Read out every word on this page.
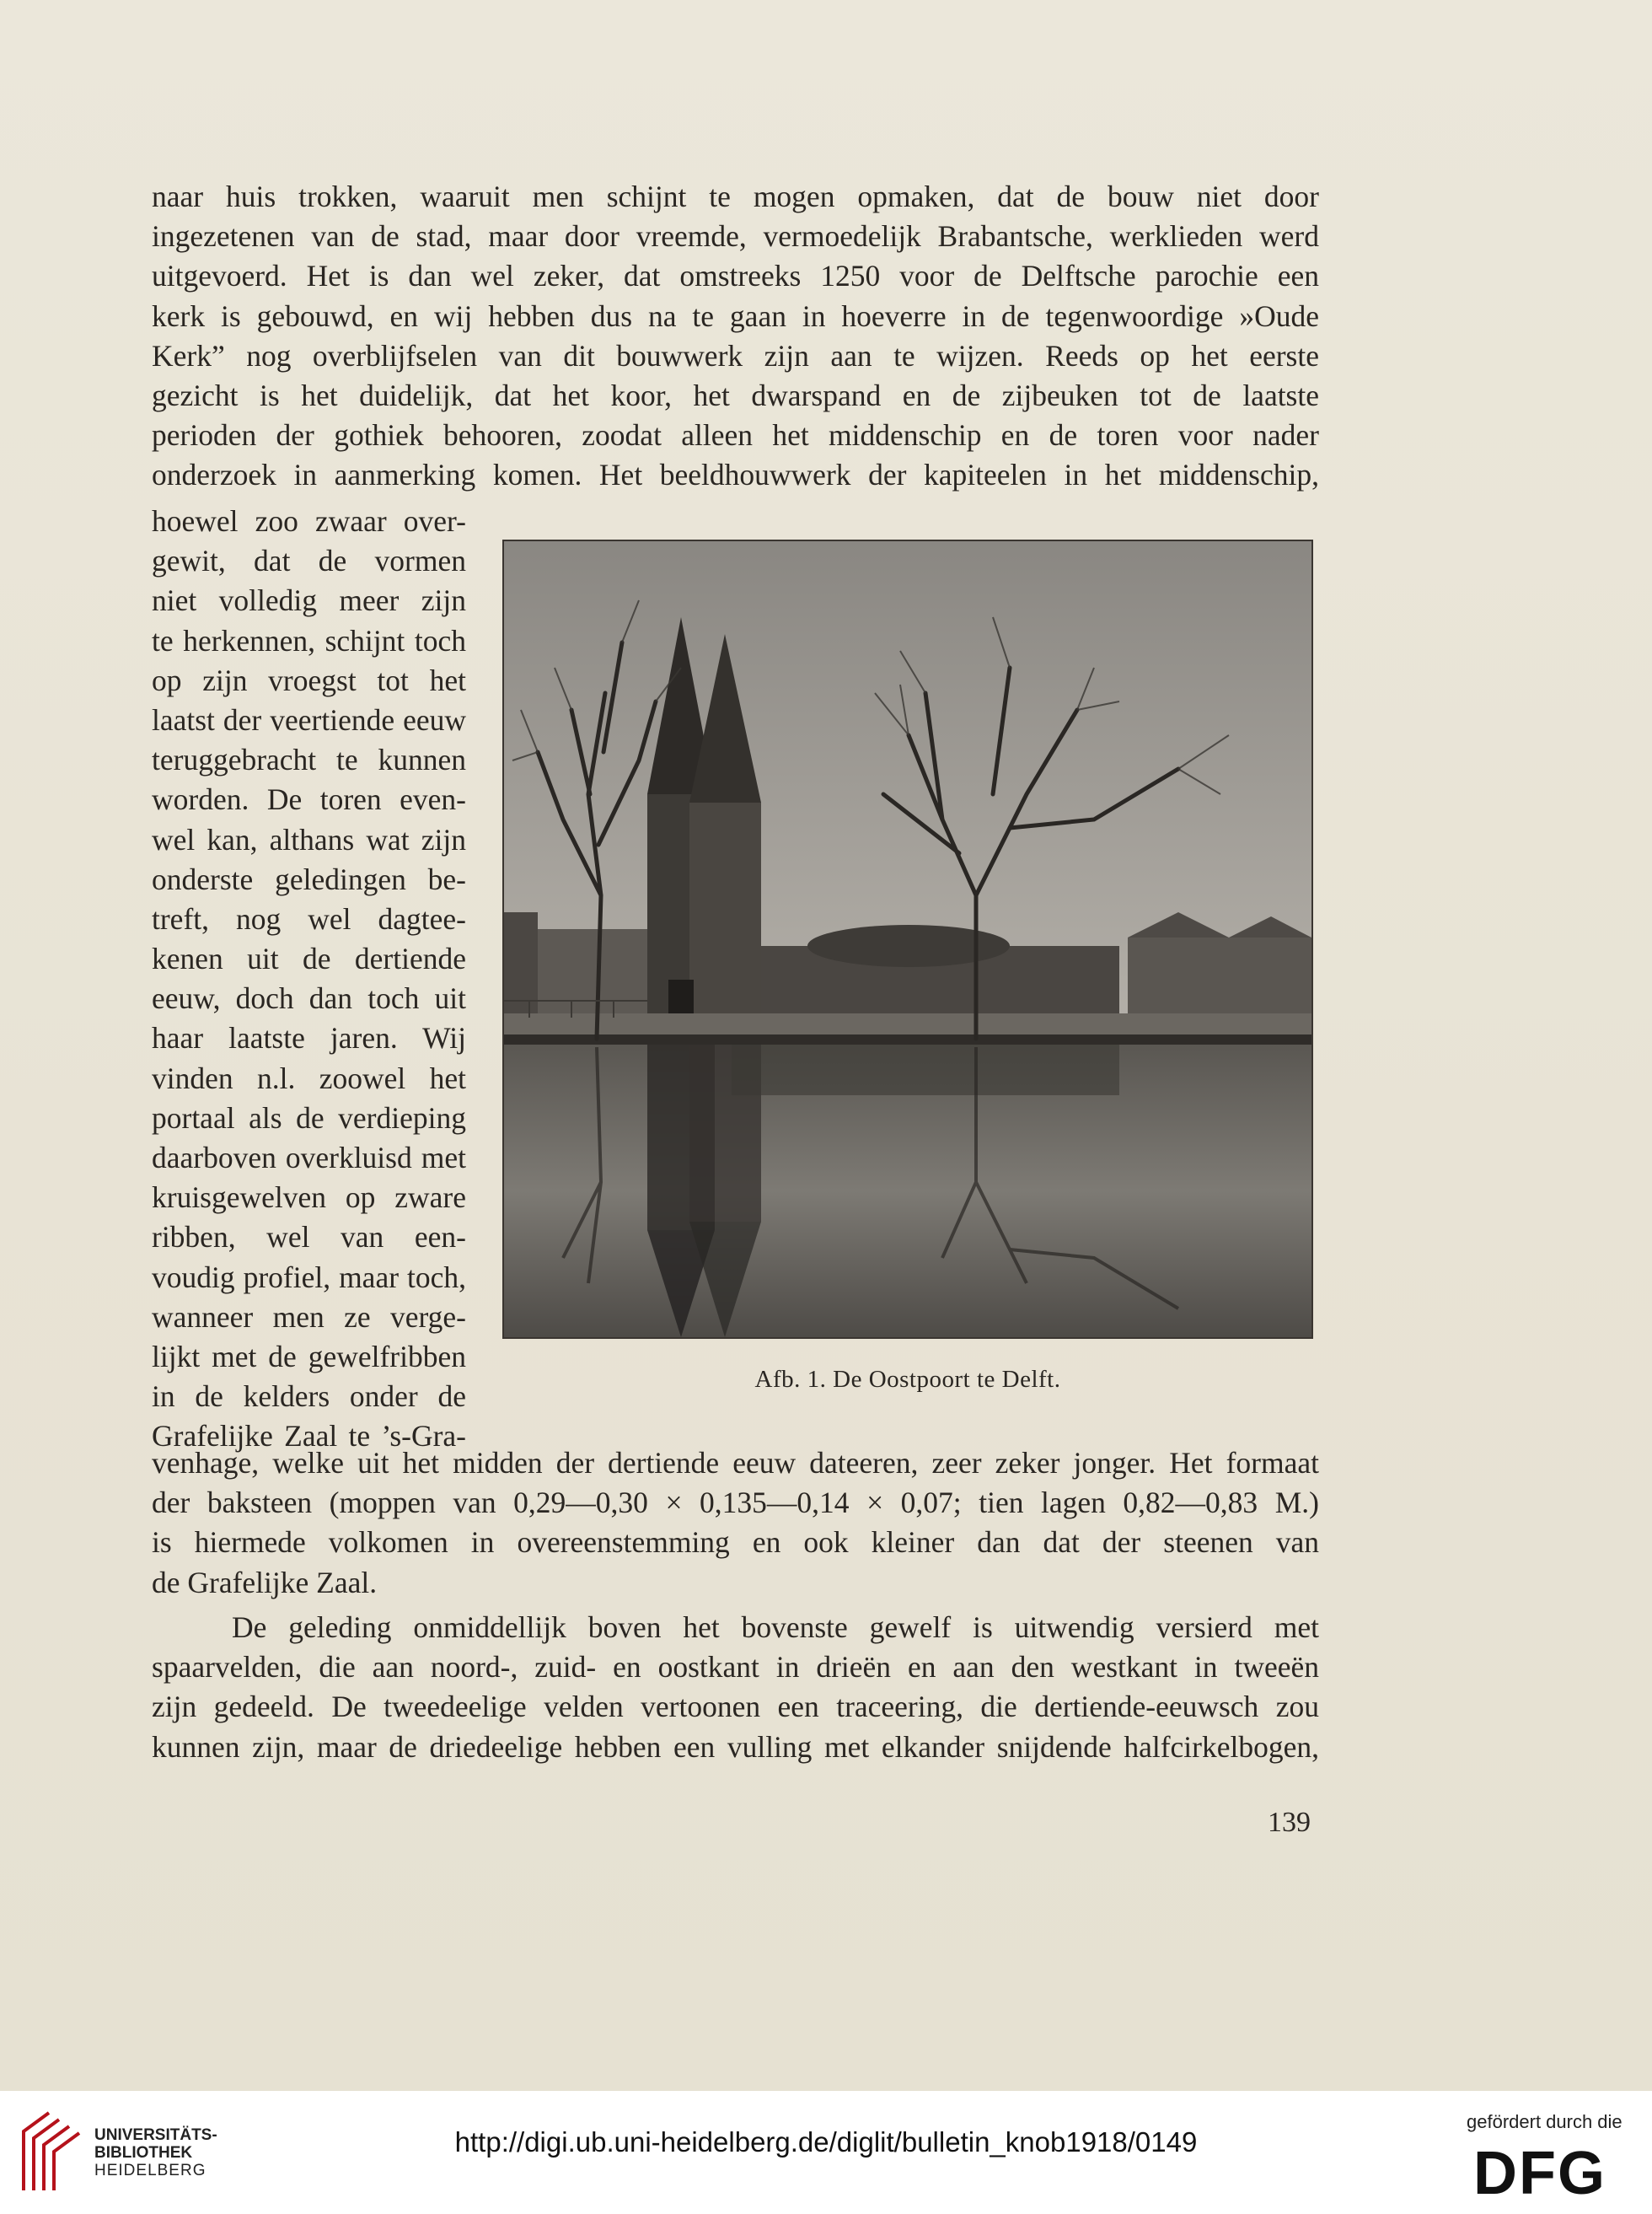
naar huis trokken, waaruit men schijnt te mogen opmaken, dat de bouw niet door
ingezetenen van de stad, maar door vreemde, vermoedelijk Brabantsche, werklieden werd
uitgevoerd. Het is dan wel zeker, dat omstreeks 1250 voor de Delftsche parochie een
kerk is gebouwd, en wij hebben dus na te gaan in hoeverre in de tegenwoordige »Oude
Kerk” nog overblijfselen van dit bouwwerk zijn aan te wijzen. Reeds op het eerste
gezicht is het duidelijk, dat het koor, het dwarspand en de zijbeuken tot de laatste
perioden der gothiek behooren, zoodat alleen het middenschip en de toren voor nader
onderzoek in aanmerking komen. Het beeldhouwwerk der kapiteelen in het middenschip,
hoewel zoo zwaar over-
gewit, dat de vormen
niet volledig meer zijn
te herkennen, schijnt toch
op zijn vroegst tot het
laatst der veertiende eeuw
teruggebracht te kunnen
worden. De toren even-
wel kan, althans wat zijn
onderste geledingen be-
treft, nog wel dagtee-
kenen uit de dertiende
eeuw, doch dan toch uit
haar laatste jaren. Wij
vinden n.l. zoowel het
portaal als de verdieping
daarboven overkluisd met
kruisgewelven op zware
ribben, wel van een-
voudig profiel, maar toch,
wanneer men ze verge-
lijkt met de gewelfribben
in de kelders onder de
Grafelijke Zaal te ’s-Gra-
Afb. 1. De Oostpoort te Delft.
venhage, welke uit het midden der dertiende eeuw dateeren, zeer zeker jonger. Het formaat
der baksteen (moppen van 0,29—0,30 × 0,135—0,14 × 0,07; tien lagen 0,82—0,83 M.)
is hiermede volkomen in overeenstemming en ook kleiner dan dat der steenen van
de Grafelijke Zaal.
De geleding onmiddellijk boven het bovenste gewelf is uitwendig versierd met
spaarvelden, die aan noord-, zuid- en oostkant in drieën en aan den westkant in tweeën
zijn gedeeld. De tweedeelige velden vertoonen een traceering, die dertiende-eeuwsch zou
kunnen zijn, maar de driedeelige hebben een vulling met elkander snijdende halfcirkelbogen,
139
UNIVERSITÄTS-
BIBLIOTHEK
HEIDELBERG
http://digi.ub.uni-heidelberg.de/diglit/bulletin_knob1918/0149
gefördert durch die
DFG
